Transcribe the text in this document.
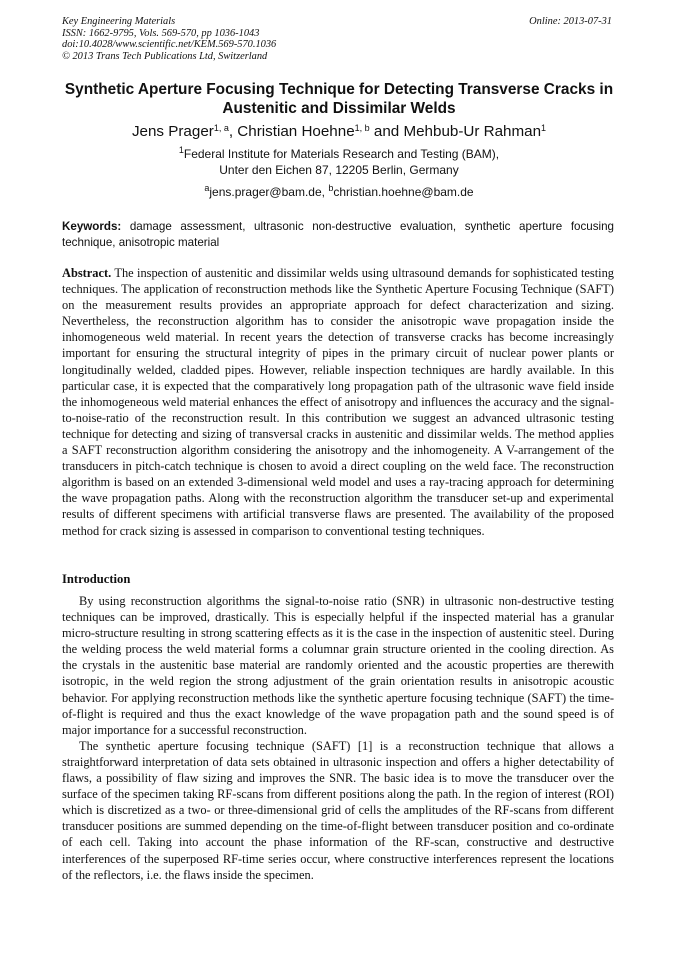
Key Engineering Materials
ISSN: 1662-9795, Vols. 569-570, pp 1036-1043
doi:10.4028/www.scientific.net/KEM.569-570.1036
© 2013 Trans Tech Publications Ltd, Switzerland
Online: 2013-07-31
Synthetic Aperture Focusing Technique for Detecting Transverse Cracks in Austenitic and Dissimilar Welds
Jens Prager$^{1, a}$, Christian Hoehne$^{1, b}$ and Mehbub-Ur Rahman$^1$
$^1$Federal Institute for Materials Research and Testing (BAM),
Unter den Eichen 87, 12205 Berlin, Germany
$^a$jens.prager@bam.de, $^b$christian.hoehne@bam.de
Keywords: damage assessment, ultrasonic non-destructive evaluation, synthetic aperture focusing technique, anisotropic material
Abstract. The inspection of austenitic and dissimilar welds using ultrasound demands for sophisticated testing techniques. The application of reconstruction methods like the Synthetic Aperture Focusing Technique (SAFT) on the measurement results provides an appropriate approach for defect characterization and sizing. Nevertheless, the reconstruction algorithm has to consider the anisotropic wave propagation inside the inhomogeneous weld material. In recent years the detection of transverse cracks has become increasingly important for ensuring the structural integrity of pipes in the primary circuit of nuclear power plants or longitudinally welded, cladded pipes. However, reliable inspection techniques are hardly available. In this particular case, it is expected that the comparatively long propagation path of the ultrasonic wave field inside the inhomogeneous weld material enhances the effect of anisotropy and influences the accuracy and the signal-to-noise-ratio of the reconstruction result. In this contribution we suggest an advanced ultrasonic testing technique for detecting and sizing of transversal cracks in austenitic and dissimilar welds. The method applies a SAFT reconstruction algorithm considering the anisotropy and the inhomogeneity. A V-arrangement of the transducers in pitch-catch technique is chosen to avoid a direct coupling on the weld face. The reconstruction algorithm is based on an extended 3-dimensional weld model and uses a ray-tracing approach for determining the wave propagation paths. Along with the reconstruction algorithm the transducer set-up and experimental results of different specimens with artificial transverse flaws are presented. The availability of the proposed method for crack sizing is assessed in comparison to conventional testing techniques.
Introduction

By using reconstruction algorithms the signal-to-noise ratio (SNR) in ultrasonic non-destructive testing techniques can be improved, drastically. This is especially helpful if the inspected material has a granular micro-structure resulting in strong scattering effects as it is the case in the inspection of austenitic steel. During the welding process the weld material forms a columnar grain structure oriented in the cooling direction. As the crystals in the austenitic base material are randomly oriented and the acoustic properties are therewith isotropic, in the weld region the strong adjustment of the grain orientation results in anisotropic acoustic behavior. For applying reconstruction methods like the synthetic aperture focusing technique (SAFT) the time-of-flight is required and thus the exact knowledge of the wave propagation path and the sound speed is of major importance for a successful reconstruction.

The synthetic aperture focusing technique (SAFT) [1] is a reconstruction technique that allows a straightforward interpretation of data sets obtained in ultrasonic inspection and offers a higher detectability of flaws, a possibility of flaw sizing and improves the SNR. The basic idea is to move the transducer over the surface of the specimen taking RF-scans from different positions along the path. In the region of interest (ROI) which is discretized as a two- or three-dimensional grid of cells the amplitudes of the RF-scans from different transducer positions are summed depending on the time-of-flight between transducer position and co-ordinate of each cell. Taking into account the phase information of the RF-scan, constructive and destructive interferences of the superposed RF-time series occur, where constructive interferences represent the locations of the reflectors, i.e. the flaws inside the specimen.
